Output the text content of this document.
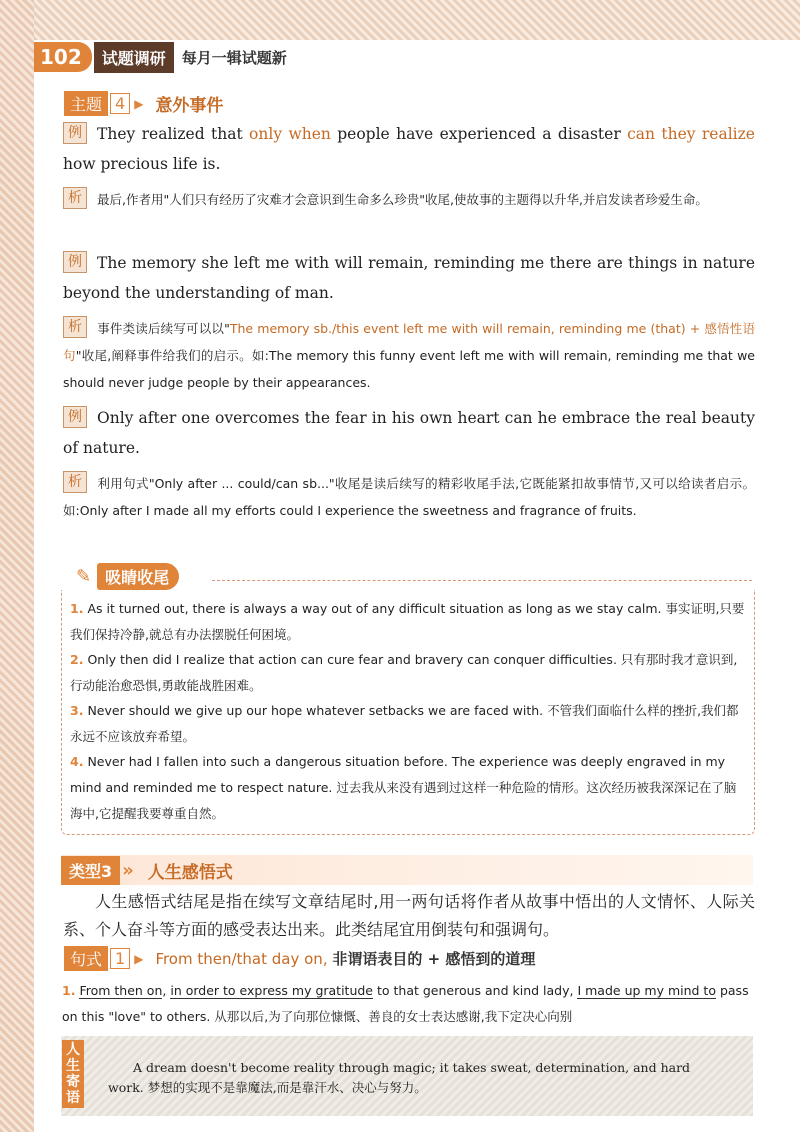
102	试题调研	每月一辑试题新
主题 4 ▶ 意外事件
例 They realized that only when people have experienced a disaster can they realize how precious life is.
析 最后,作者用"人们只有经历了灾难才会意识到生命多么珍贵"收尾,使故事的主题得以升华,并启发读者珍爱生命。
例 The memory she left me with will remain, reminding me there are things in nature beyond the understanding of man.
析 事件类读后续写可以以"The memory sb./this event left me with will remain, reminding me (that) + 感悟性语句"收尾,阐释事件给我们的启示。如:The memory this funny event left me with will remain, reminding me that we should never judge people by their appearances.
例 Only after one overcomes the fear in his own heart can he embrace the real beauty of nature.
析 利用句式"Only after ... could/can sb..."收尾是读后续写的精彩收尾手法,它既能紧扣故事情节,又可以给读者启示。如:Only after I made all my efforts could I experience the sweetness and fragrance of fruits.
✎ 吸睛收尾
1. As it turned out, there is always a way out of any difficult situation as long as we stay calm. 事实证明,只要我们保持冷静,就总有办法摆脱任何困境。
2. Only then did I realize that action can cure fear and bravery can conquer difficulties. 只有那时我才意识到,行动能治愈恐惧,勇敢能战胜困难。
3. Never should we give up our hope whatever setbacks we are faced with. 不管我们面临什么样的挫折,我们都永远不应该放弃希望。
4. Never had I fallen into such a dangerous situation before. The experience was deeply engraved in my mind and reminded me to respect nature. 过去我从来没有遇到过这样一种危险的情形。这次经历被我深深记在了脑海中,它提醒我要尊重自然。
类型3 » 人生感悟式
人生感悟式结尾是指在续写文章结尾时,用一两句话将作者从故事中悟出的人文情怀、人际关系、个人奋斗等方面的感受表达出来。此类结尾宜用倒装句和强调句。
句式 1 ▶ From then/that day on, 非谓语表目的 + 感悟到的道理
1. From then on, in order to express my gratitude to that generous and kind lady, I made up my mind to pass on this "love" to others. 从那以后,为了向那位慷慨、善良的女士表达感谢,我下定决心向别
人
生
寄
语
A dream doesn't become reality through magic; it takes sweat, determination, and hard work. 梦想的实现不是靠魔法,而是靠汗水、决心与努力。
